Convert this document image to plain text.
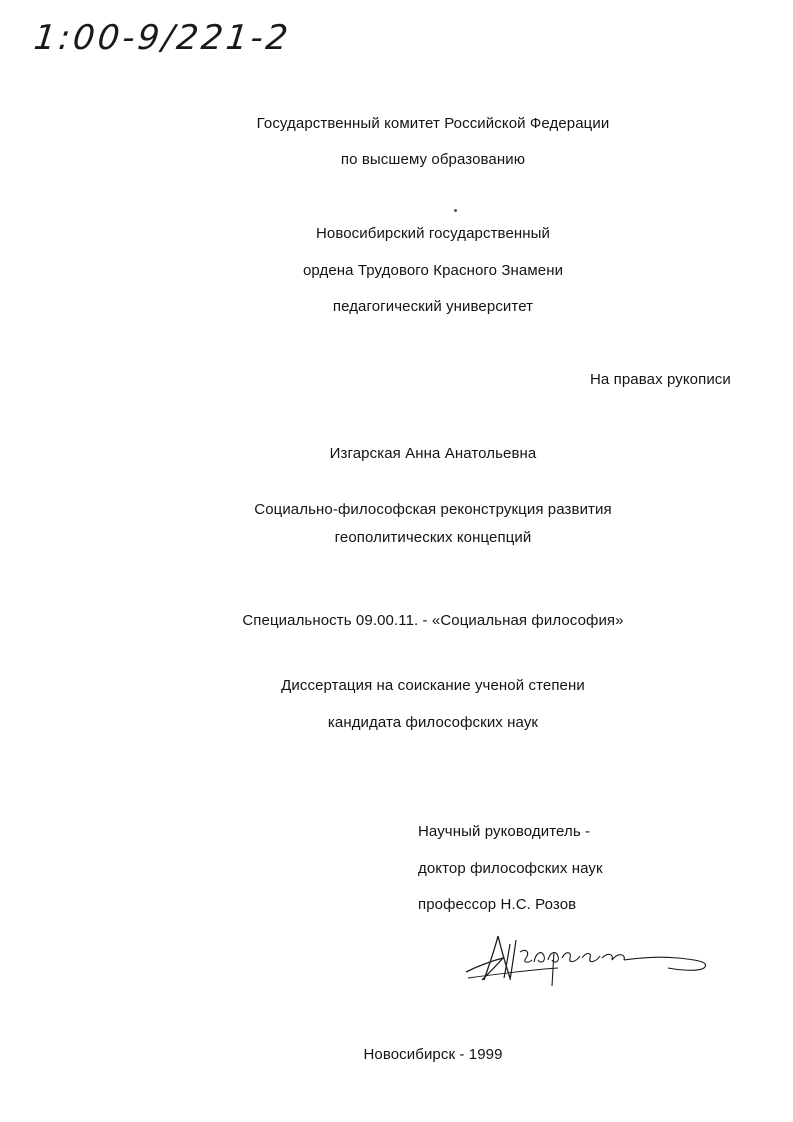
1:00-9/221-2
Государственный комитет Российской Федерации
по высшему образованию
Новосибирский государственный
ордена Трудового Красного Знамени
педагогический университет
На правах рукописи
Изгарская Анна Анатольевна
Социально-философская реконструкция развития
геополитических концепций
Специальность 09.00.11. - «Социальная философия»
Диссертация на соискание ученой степени
кандидата философских наук
Научный руководитель -
доктор философских наук
профессор Н.С. Розов
Новосибирск - 1999
